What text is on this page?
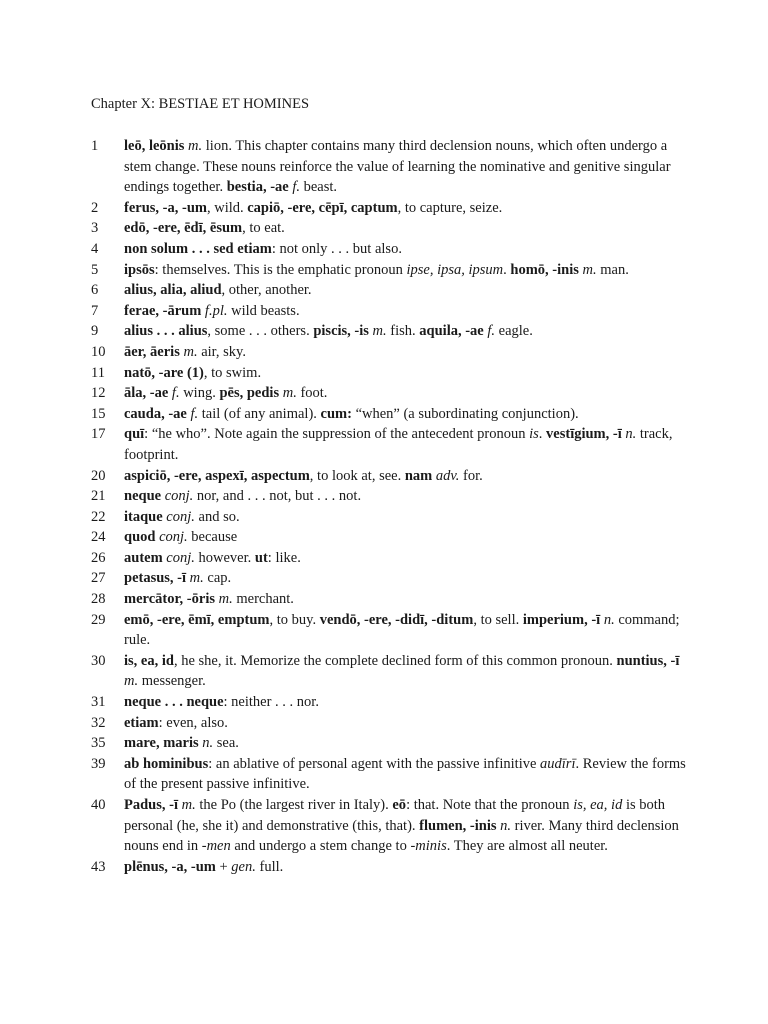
Chapter X: BESTIAE ET HOMINES
1	leō, leōnis m. lion. This chapter contains many third declension nouns, which often undergo a stem change. These nouns reinforce the value of learning the nominative and genitive singular endings together. bestia, -ae f. beast.
2	ferus, -a, -um, wild. capiō, -ere, cēpī, captum, to capture, seize.
3	edō, -ere, ēdī, ēsum, to eat.
4	non solum . . . sed etiam: not only . . . but also.
5	ipsōs: themselves. This is the emphatic pronoun ipse, ipsa, ipsum. homō, -inis m. man.
6	alius, alia, aliud, other, another.
7	ferae, -ārum f.pl. wild beasts.
9	alius . . . alius, some . . . others. piscis, -is m. fish. aquila, -ae f. eagle.
10	āer, āeris m. air, sky.
11	natō, -are (1), to swim.
12	āla, -ae f. wing. pēs, pedis m. foot.
15	cauda, -ae f. tail (of any animal). cum: “when” (a subordinating conjunction).
17	quī: “he who”. Note again the suppression of the antecedent pronoun is. vestīgium, -ī n. track, footprint.
20	aspiciō, -ere, aspexī, aspectum, to look at, see. nam adv. for.
21	neque conj. nor, and . . . not, but . . . not.
22	itaque conj. and so.
24	quod conj. because
26	autem conj. however. ut: like.
27	petasus, -ī m. cap.
28	mercātor, -ōris m. merchant.
29	emō, -ere, ēmī, emptum, to buy. vendō, -ere, -didī, -ditum, to sell. imperium, -ī n. command; rule.
30	is, ea, id, he she, it. Memorize the complete declined form of this common pronoun. nuntius, -ī m. messenger.
31	neque . . . neque: neither . . . nor.
32	etiam: even, also.
35	mare, maris n. sea.
39	ab hominibus: an ablative of personal agent with the passive infinitive audīrī. Review the forms of the present passive infinitive.
40	Padus, -ī m. the Po (the largest river in Italy). eō: that. Note that the pronoun is, ea, id is both personal (he, she it) and demonstrative (this, that). flumen, -inis n. river. Many third declension nouns end in -men and undergo a stem change to -minis. They are almost all neuter.
43	plēnus, -a, -um + gen. full.
